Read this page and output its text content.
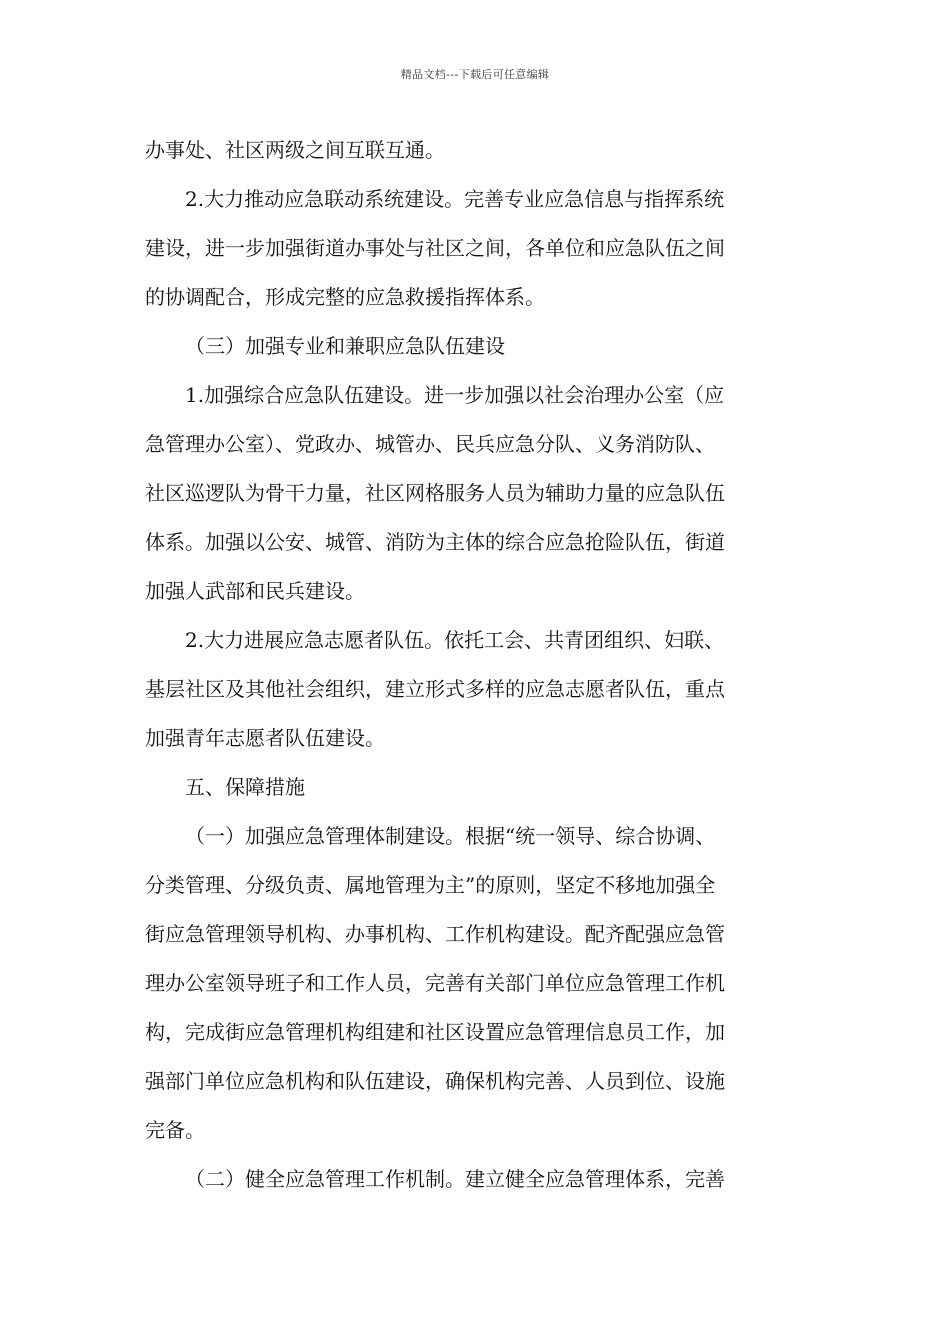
精品文档---下载后可任意编辑

办事处、社区两级之间互联互通。

2.大力推动应急联动系统建设。完善专业应急信息与指挥系统
建设，进一步加强街道办事处与社区之间，各单位和应急队伍之间
的协调配合，形成完整的应急救援指挥体系。

（三）加强专业和兼职应急队伍建设

1.加强综合应急队伍建设。进一步加强以社会治理办公室（应
急管理办公室）、党政办、城管办、民兵应急分队、义务消防队、
社区巡逻队为骨干力量，社区网格服务人员为辅助力量的应急队伍
体系。加强以公安、城管、消防为主体的综合应急抢险队伍，街道
加强人武部和民兵建设。

2.大力进展应急志愿者队伍。依托工会、共青团组织、妇联、
基层社区及其他社会组织，建立形式多样的应急志愿者队伍，重点
加强青年志愿者队伍建设。

五、保障措施

（一）加强应急管理体制建设。根据“统一领导、综合协调、
分类管理、分级负责、属地管理为主”的原则，坚定不移地加强全
街应急管理领导机构、办事机构、工作机构建设。配齐配强应急管
理办公室领导班子和工作人员，完善有关部门单位应急管理工作机
构，完成街应急管理机构组建和社区设置应急管理信息员工作，加
强部门单位应急机构和队伍建设，确保机构完善、人员到位、设施
完备。

（二）健全应急管理工作机制。建立健全应急管理体系，完善
